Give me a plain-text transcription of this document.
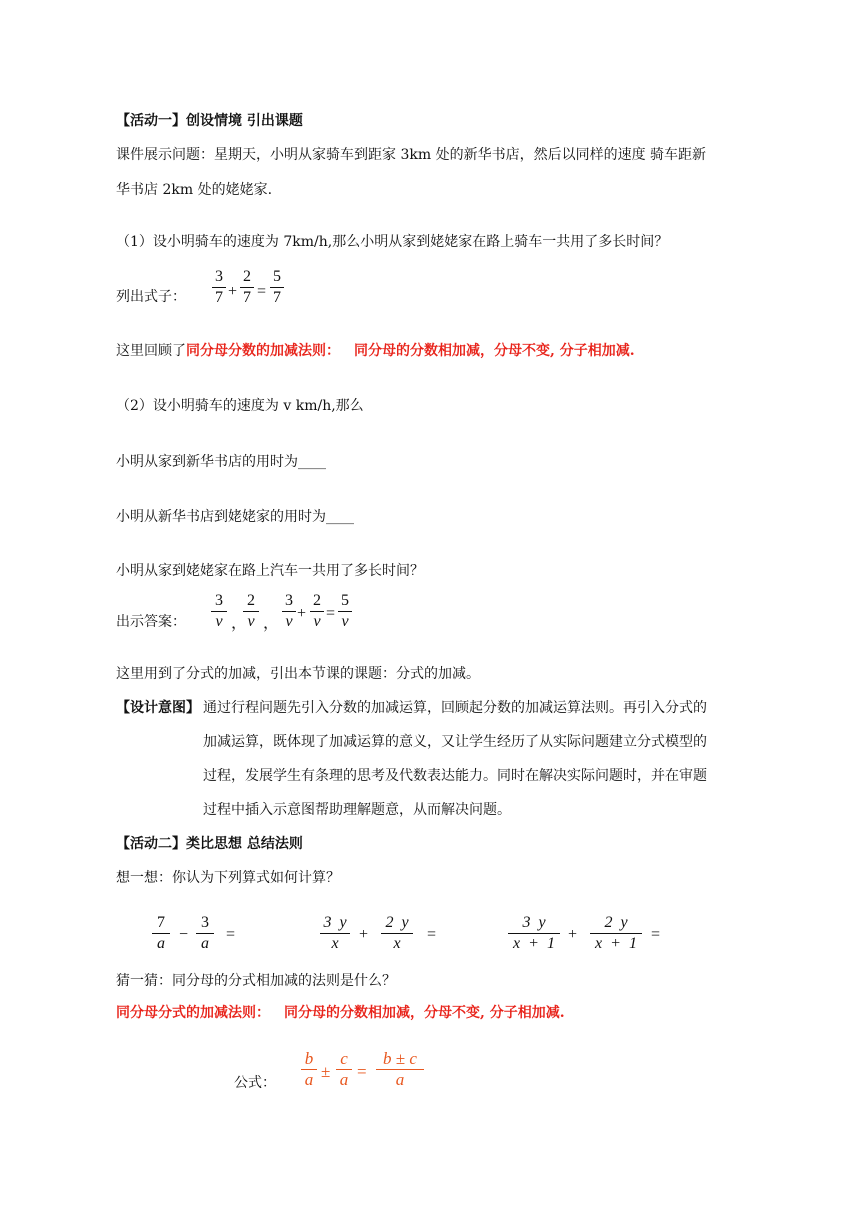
【活动一】创设情境 引出课题
课件展示问题：星期天，小明从家骑车到距家 3km 处的新华书店，然后以同样的速度 骑车距新
华书店 2km 处的姥姥家.
（1）设小明骑车的速度为 7km/h,那么小明从家到姥姥家在路上骑车一共用了多长时间？
列出式子：
3
7 +
2
7 =
5
7
这里回顾了同分母分数的加减法则： 同分母的分数相加减，分母不变, 分子相加减.
（2）设小明骑车的速度为 v km/h,那么
小明从家到新华书店的用时为____
小明从新华书店到姥姥家的用时为____
小明从家到姥姥家在路上汽车一共用了多长时间？
出示答案：
3
v ，
2
v ，
3
v +
2
v =
5
v
这里用到了分式的加减，引出本节课的课题：分式的加减。
【设计意图】 通过行程问题先引入分数的加减运算，回顾起分数的加减运算法则。再引入分式的
加减运算，既体现了加减运算的意义，又让学生经历了从实际问题建立分式模型的
过程，发展学生有条理的思考及代数表达能力。同时在解决实际问题时，并在审题
过程中插入示意图帮助理解题意，从而解决问题。
【活动二】类比思想 总结法则
想一想：你认为下列算式如何计算？
7
a
−
3
a
=
3  y
x
+
2  y
x
=
3  y
x  +  1
+
2  y
x  +  1
=
猜一猜：同分母的分式相加减的法则是什么？
同分母分式的加减法则： 同分母的分数相加减，分母不变, 分子相加减.
公式：
b
a ±
c
a =
b ± c
a
